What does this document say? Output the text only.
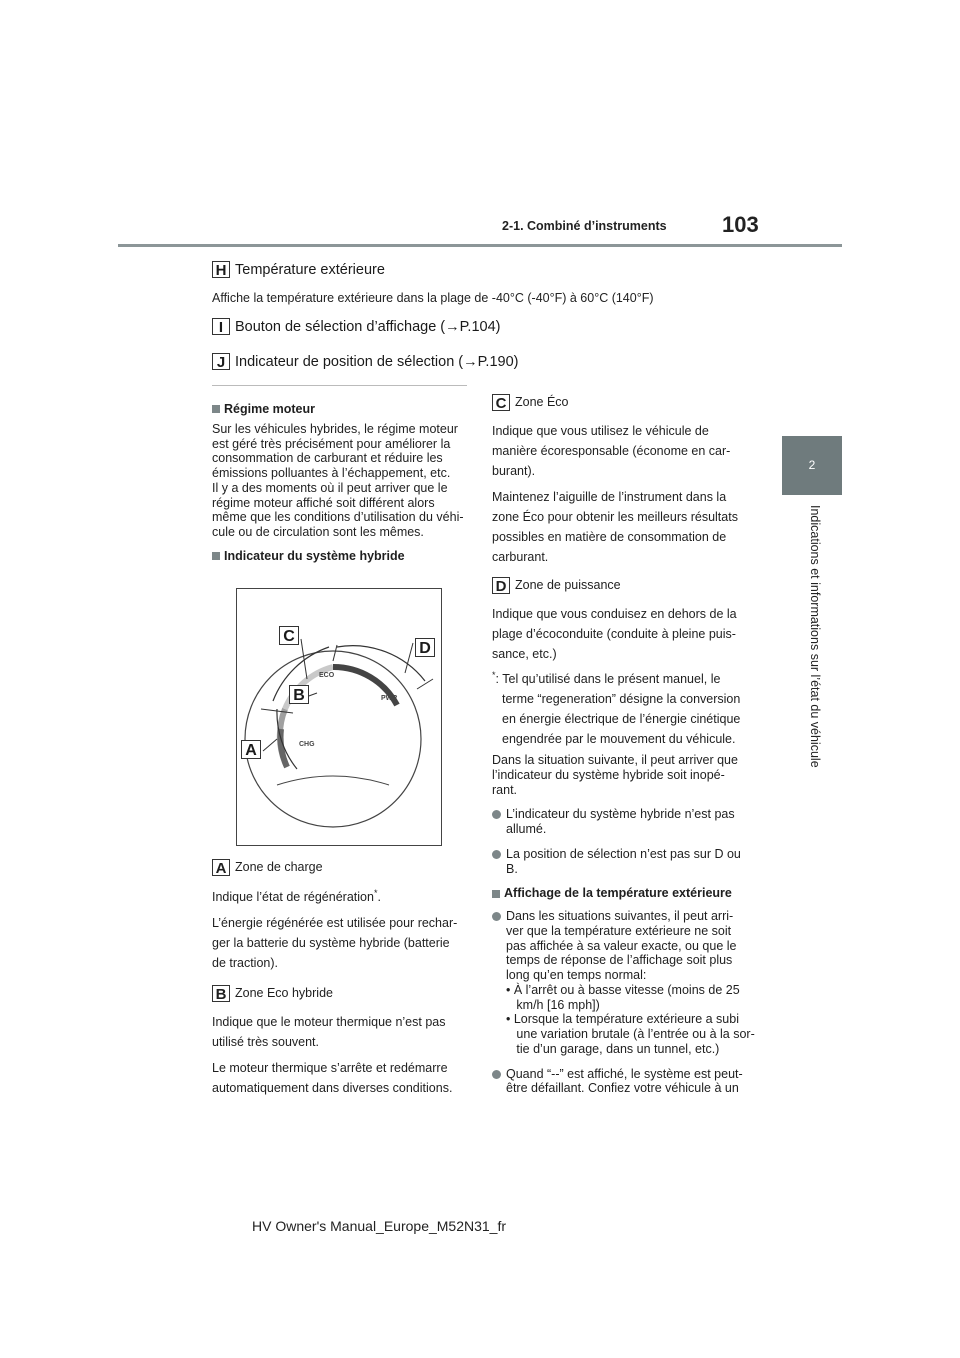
2-1. Combiné d’instruments	103
2
Indications et informations sur l’état du véhicule
H Température extérieure
Affiche la température extérieure dans la plage de -40°C (-40°F) à 60°C (140°F)
I Bouton de sélection d’affichage (→P.104)
J Indicateur de position de sélection (→P.190)
Régime moteur

Sur les véhicules hybrides, le régime moteur

est géré très précisément pour améliorer la

consommation de carburant et réduire les

émissions polluantes à l’échappement, etc.

Il y a des moments où il peut arriver que le

régime moteur affiché soit différent alors

même que les conditions d’utilisation du véhi-

cule ou de circulation sont les mêmes.

Indicateur du système hybride
C
D
B
A
ECO
PWR
CHG
A Zone de charge

Indique l’état de régénération*.

L’énergie régénérée est utilisée pour rechar-

ger la batterie du système hybride (batterie

de traction).

B Zone Eco hybride

Indique que le moteur thermique n’est pas

utilisé très souvent.

Le moteur thermique s’arrête et redémarre

automatiquement dans diverses conditions.

C Zone Éco

Indique que vous utilisez le véhicule de

manière écoresponsable (économe en car-

burant).

Maintenez l’aiguille de l’instrument dans la

zone Éco pour obtenir les meilleurs résultats

possibles en matière de consommation de

carburant.

D Zone de puissance

Indique que vous conduisez en dehors de la

plage d’écoconduite (conduite à pleine puis-

sance, etc.)

*: Tel qu’utilisé dans le présent manuel, le

terme “regeneration” désigne la conversion

en énergie électrique de l’énergie cinétique

engendrée par le mouvement du véhicule.

Dans la situation suivante, il peut arriver que

l’indicateur du système hybride soit inopé-

rant.

L’indicateur du système hybride n’est pas

allumé.

La position de sélection n’est pas sur D ou

B.

Affichage de la température extérieure

Dans les situations suivantes, il peut arri-

ver que la température extérieure ne soit

pas affichée à sa valeur exacte, ou que le

temps de réponse de l’affichage soit plus

long qu’en temps normal:

• À l’arrêt ou à basse vitesse (moins de 25

km/h [16 mph])

• Lorsque la température extérieure a subi

une variation brutale (à l’entrée ou à la sor-

tie d’un garage, dans un tunnel, etc.)

Quand “--” est affiché, le système est peut-

être défaillant. Confiez votre véhicule à un

HV Owner's Manual_Europe_M52N31_fr
